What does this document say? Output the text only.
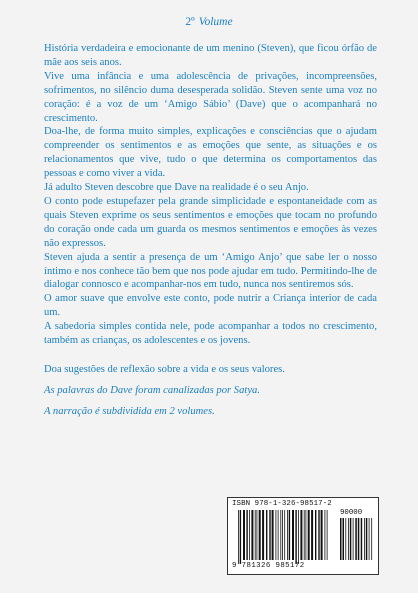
2º Volume

História verdadeira e emocionante de um menino (Steven), que ficou órfão de mãe aos seis anos.

Vive uma infância e uma adolescência de privações, incompreensões, sofrimentos, no silêncio duma desesperada solidão. Steven sente uma voz no coração: é a voz de um ‘Amigo Sábio’ (Dave) que o acompanhará no crescimento.

Doa-lhe, de forma muito simples, explicações e consciências que o ajudam compreender os sentimentos e as emoções que sente, as situações e os relacionamentos que vive, tudo o que determina os comportamentos das pessoas e como viver a vida.

Já adulto Steven descobre que Dave na realidade é o seu Anjo.

O conto pode estupefazer pela grande simplicidade e espontaneidade com as quais Steven exprime os seus sentimentos e emoções que tocam no profundo do coração onde cada um guarda os mesmos sentimentos e emoções às vezes não expressos.

Steven ajuda a sentir a presença de um ‘Amigo Anjo’ que sabe ler o nosso íntimo e nos conhece tão bem que nos pode ajudar em tudo. Permitindo-lhe de dialogar connosco e acompanhar-nos em tudo, nunca nos sentiremos sós.

O amor suave que envolve este conto, pode nutrir a Criança interior de cada um.

A sabedoria simples contida nele, pode acompanhar a todos no crescimento, também as crianças, os adolescentes e os jovens.

Doa sugestões de reflexão sobre a vida e os seus valores.

As palavras do Dave foram canalizadas por Satya.

A narração é subdividida em 2 volumes.

ISBN 978-1-326-98517-2
90000
9 781326 985172
